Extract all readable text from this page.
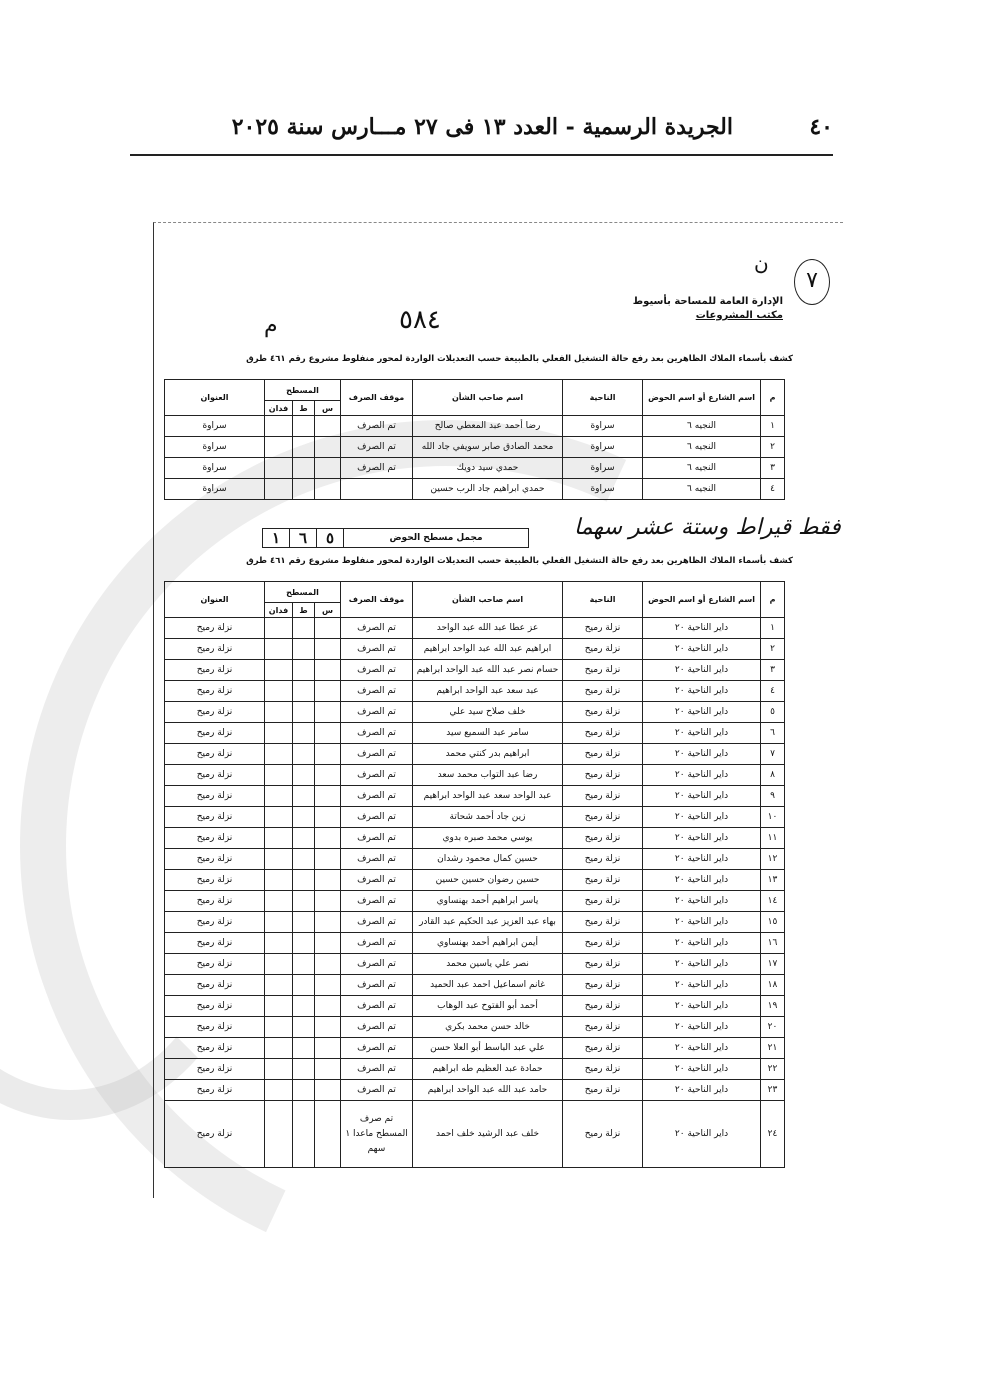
٤٠
الجريدة الرسمية - العدد ١٣ فى ٢٧ مـــارس سنة ٢٠٢٥
ن
٧
الإدارة العامة للمساحة بأسيوط
مكتب المشروعات
٥٨٤
م
كشف بأسماء الملاك الظاهرين بعد رفع حالة التشغيل الفعلي بالطبيعة حسب التعديلات الواردة لمحور منفلوط مشروع رقم ٤٦١ طرق
م	اسم الشارع أو اسم الحوض	الناحية	اسم صاحب الشأن	موقف الصرف	المسطح			العنوان
					س	ط	فدان	
١	النجيه ٦	سراوة	رضا أحمد عبد المعطي صالح	تم الصرف				سراوة
٢	النجيه ٦	سراوة	محمد الصادق صابر سويفي جاد الله	تم الصرف				سراوة
٣	النجيه ٦	سراوة	حمدي سيد دويك	تم الصرف				سراوة
٤	النجيه ٦	سراوة	حمدي ابراهيم جاد الرب حسين					سراوة
فقط قيراط وستة عشر سهما
مجمل مسطح الحوض
٥
٦
١
كشف بأسماء الملاك الظاهرين بعد رفع حالة التشغيل الفعلي بالطبيعة حسب التعديلات الواردة لمحور منفلوط مشروع رقم ٤٦١ طرق
م	اسم الشارع أو اسم الحوض	الناحية	اسم صاحب الشأن	موقف الصرف	المسطح			العنوان
					س	ط	فدان	
١	داير الناحية ٢٠	نزلة رميح	عز عطا عبد الله عبد الواحد	تم الصرف				نزلة رميح
٢	داير الناحية ٢٠	نزلة رميح	ابراهيم عبد الله عبد الواحد ابراهيم	تم الصرف				نزلة رميح
٣	داير الناحية ٢٠	نزلة رميح	حسام نصر عبد الله عبد الواحد ابراهيم	تم الصرف				نزلة رميح
٤	داير الناحية ٢٠	نزلة رميح	عبد سعد عبد الواحد ابراهيم	تم الصرف				نزلة رميح
٥	داير الناحية ٢٠	نزلة رميح	خلف صلاح سيد علي	تم الصرف				نزلة رميح
٦	داير الناحية ٢٠	نزلة رميح	سامر عبد السميع سيد	تم الصرف				نزلة رميح
٧	داير الناحية ٢٠	نزلة رميح	ابراهيم بدر كنتي محمد	تم الصرف				نزلة رميح
٨	داير الناحية ٢٠	نزلة رميح	رضا عبد التواب محمد سعد	تم الصرف				نزلة رميح
٩	داير الناحية ٢٠	نزلة رميح	عبد الواحد سعد عبد الواحد ابراهيم	تم الصرف				نزلة رميح
١٠	داير الناحية ٢٠	نزلة رميح	زين جاد أحمد شحاتة	تم الصرف				نزلة رميح
١١	داير الناحية ٢٠	نزلة رميح	يوسي محمد صبره بدوي	تم الصرف				نزلة رميح
١٢	داير الناحية ٢٠	نزلة رميح	حسين كمال محمود رشدان	تم الصرف				نزلة رميح
١٣	داير الناحية ٢٠	نزلة رميح	حسين رضوان حسين حسين	تم الصرف				نزلة رميح
١٤	داير الناحية ٢٠	نزلة رميح	ياسر ابراهيم أحمد بهنساوي	تم الصرف				نزلة رميح
١٥	داير الناحية ٢٠	نزلة رميح	بهاء عبد العزيز عبد الحكيم عبد القادر	تم الصرف				نزلة رميح
١٦	داير الناحية ٢٠	نزلة رميح	أيمن ابراهيم أحمد بهنساوي	تم الصرف				نزلة رميح
١٧	داير الناحية ٢٠	نزلة رميح	نصر علي ياسين محمد	تم الصرف				نزلة رميح
١٨	داير الناحية ٢٠	نزلة رميح	غانم اسماعيل احمد عبد الحميد	تم الصرف				نزلة رميح
١٩	داير الناحية ٢٠	نزلة رميح	أحمد أبو الفتوح عبد الوهاب	تم الصرف				نزلة رميح
٢٠	داير الناحية ٢٠	نزلة رميح	خالد حسن محمد بكري	تم الصرف				نزلة رميح
٢١	داير الناحية ٢٠	نزلة رميح	علي عبد الباسط أبو العلا حسن	تم الصرف				نزلة رميح
٢٢	داير الناحية ٢٠	نزلة رميح	حمادة عبد العظيم طه ابراهيم	تم الصرف				نزلة رميح
٢٣	داير الناحية ٢٠	نزلة رميح	حامد عبد الله عبد الواحد ابراهيم	تم الصرف				نزلة رميح
٢٤	داير الناحية ٢٠	نزلة رميح	خلف عبد الرشيد خلف احمد	تم صرف المسطح ماعدا ١ سهم				نزلة رميح
